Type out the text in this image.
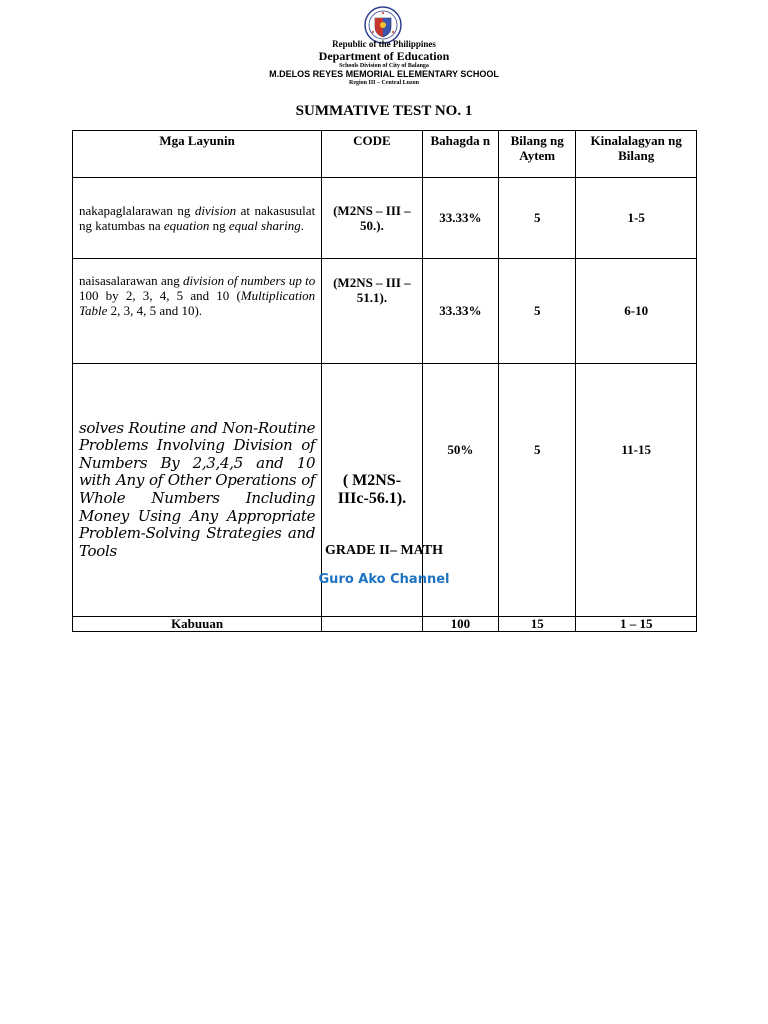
Republic of the Philippines
Department of Education
Schools Division of City of Balanga
M.DELOS REYES MEMORIAL ELEMENTARY SCHOOL
Region III – Central Luzon
SUMMATIVE TEST NO. 1
Mga Layunin	CODE	Bahagda n	Bilang ng Aytem	Kinalalagyan ng Bilang
nakapaglalarawan ng division at nakasusulat ng katumbas na equation ng equal sharing.	(M2NS – III – 50.).	33.33%	5	1-5
naisasalarawan ang division of numbers up to 100 by 2, 3, 4, 5 and 10 (Multiplication Table 2, 3, 4, 5 and 10).	(M2NS – III – 51.1).	33.33%	5	6-10
solves Routine and Non-Routine Problems Involving Division of Numbers By 2,3,4,5 and 10 with Any of Other Operations of Whole Numbers Including Money Using Any Appropriate Problem-Solving Strategies and Tools	( M2NS-IIIc-56.1).	50%	5	11-15
Kabuuan		100	15	1 – 15
GRADE II– MATH
Guro Ako Channel
